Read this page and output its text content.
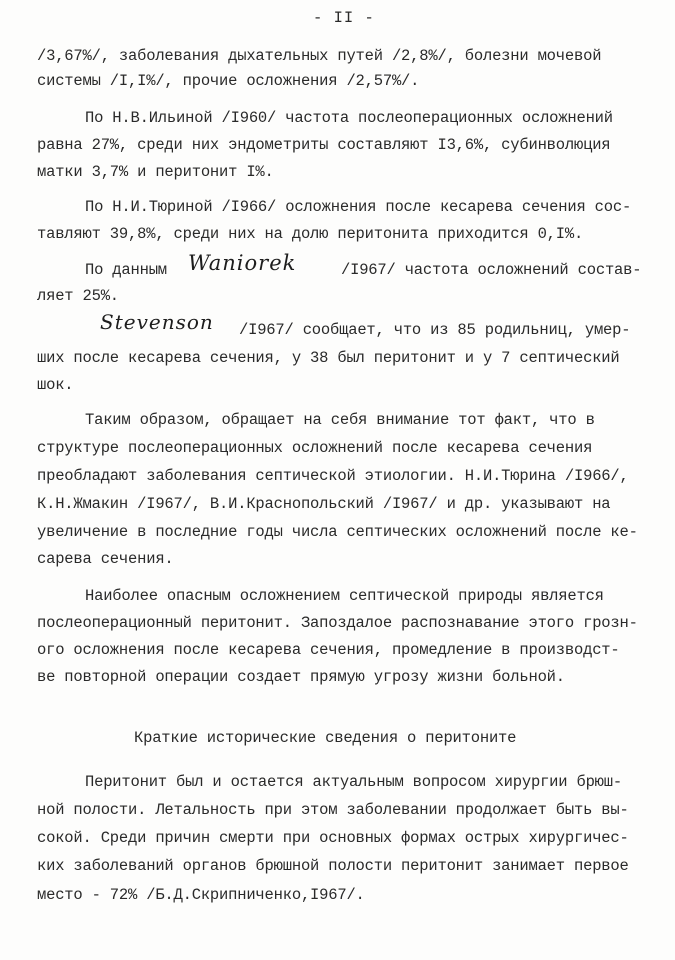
- II -
/3,67%/, заболевания дыхательных путей /2,8%/, болезни мочевой
системы /I,I%/, прочие осложнения /2,57%/.
По Н.В.Ильиной /I960/ частота послеоперационных осложнений
равна 27%, среди них эндометриты составляют I3,6%, субинволюция
матки 3,7% и перитонит I%.
По Н.И.Тюриной /I966/ осложнения после кесарева сечения сос-
тавляют 39,8%, среди них на долю перитонита приходится 0,I%.
По данным Waniorek	/I967/ частота осложнений состав-
ляет 25%.
Stevenson /I967/ сообщает, что из 85 родильниц, умер-
ших после кесарева сечения, у 38 был перитонит и у 7 септический
шок.
Таким образом, обращает на себя внимание тот факт, что в
структуре послеоперационных осложнений после кесарева сечения
преобладают заболевания септической этиологии. Н.И.Тюрина /I966/,
К.Н.Жмакин /I967/, В.И.Краснопольский /I967/ и др. указывают на
увеличение в последние годы числа септических осложнений после ке-
сарева сечения.
Наиболее опасным осложнением септической природы является
послеоперационный перитонит. Запоздалое распознавание этого грозн-
ого осложнения после кесарева сечения, промедление в производст-
ве повторной операции создает прямую угрозу жизни больной.
Краткие исторические сведения о перитоните
Перитонит был и остается актуальным вопросом хирургии брюш-
ной полости. Летальность при этом заболевании продолжает быть вы-
сокой. Среди причин смерти при основных формах острых хирургичес-
ких заболеваний органов брюшной полости перитонит занимает первое
место - 72% /Б.Д.Скрипниченко,I967/.
